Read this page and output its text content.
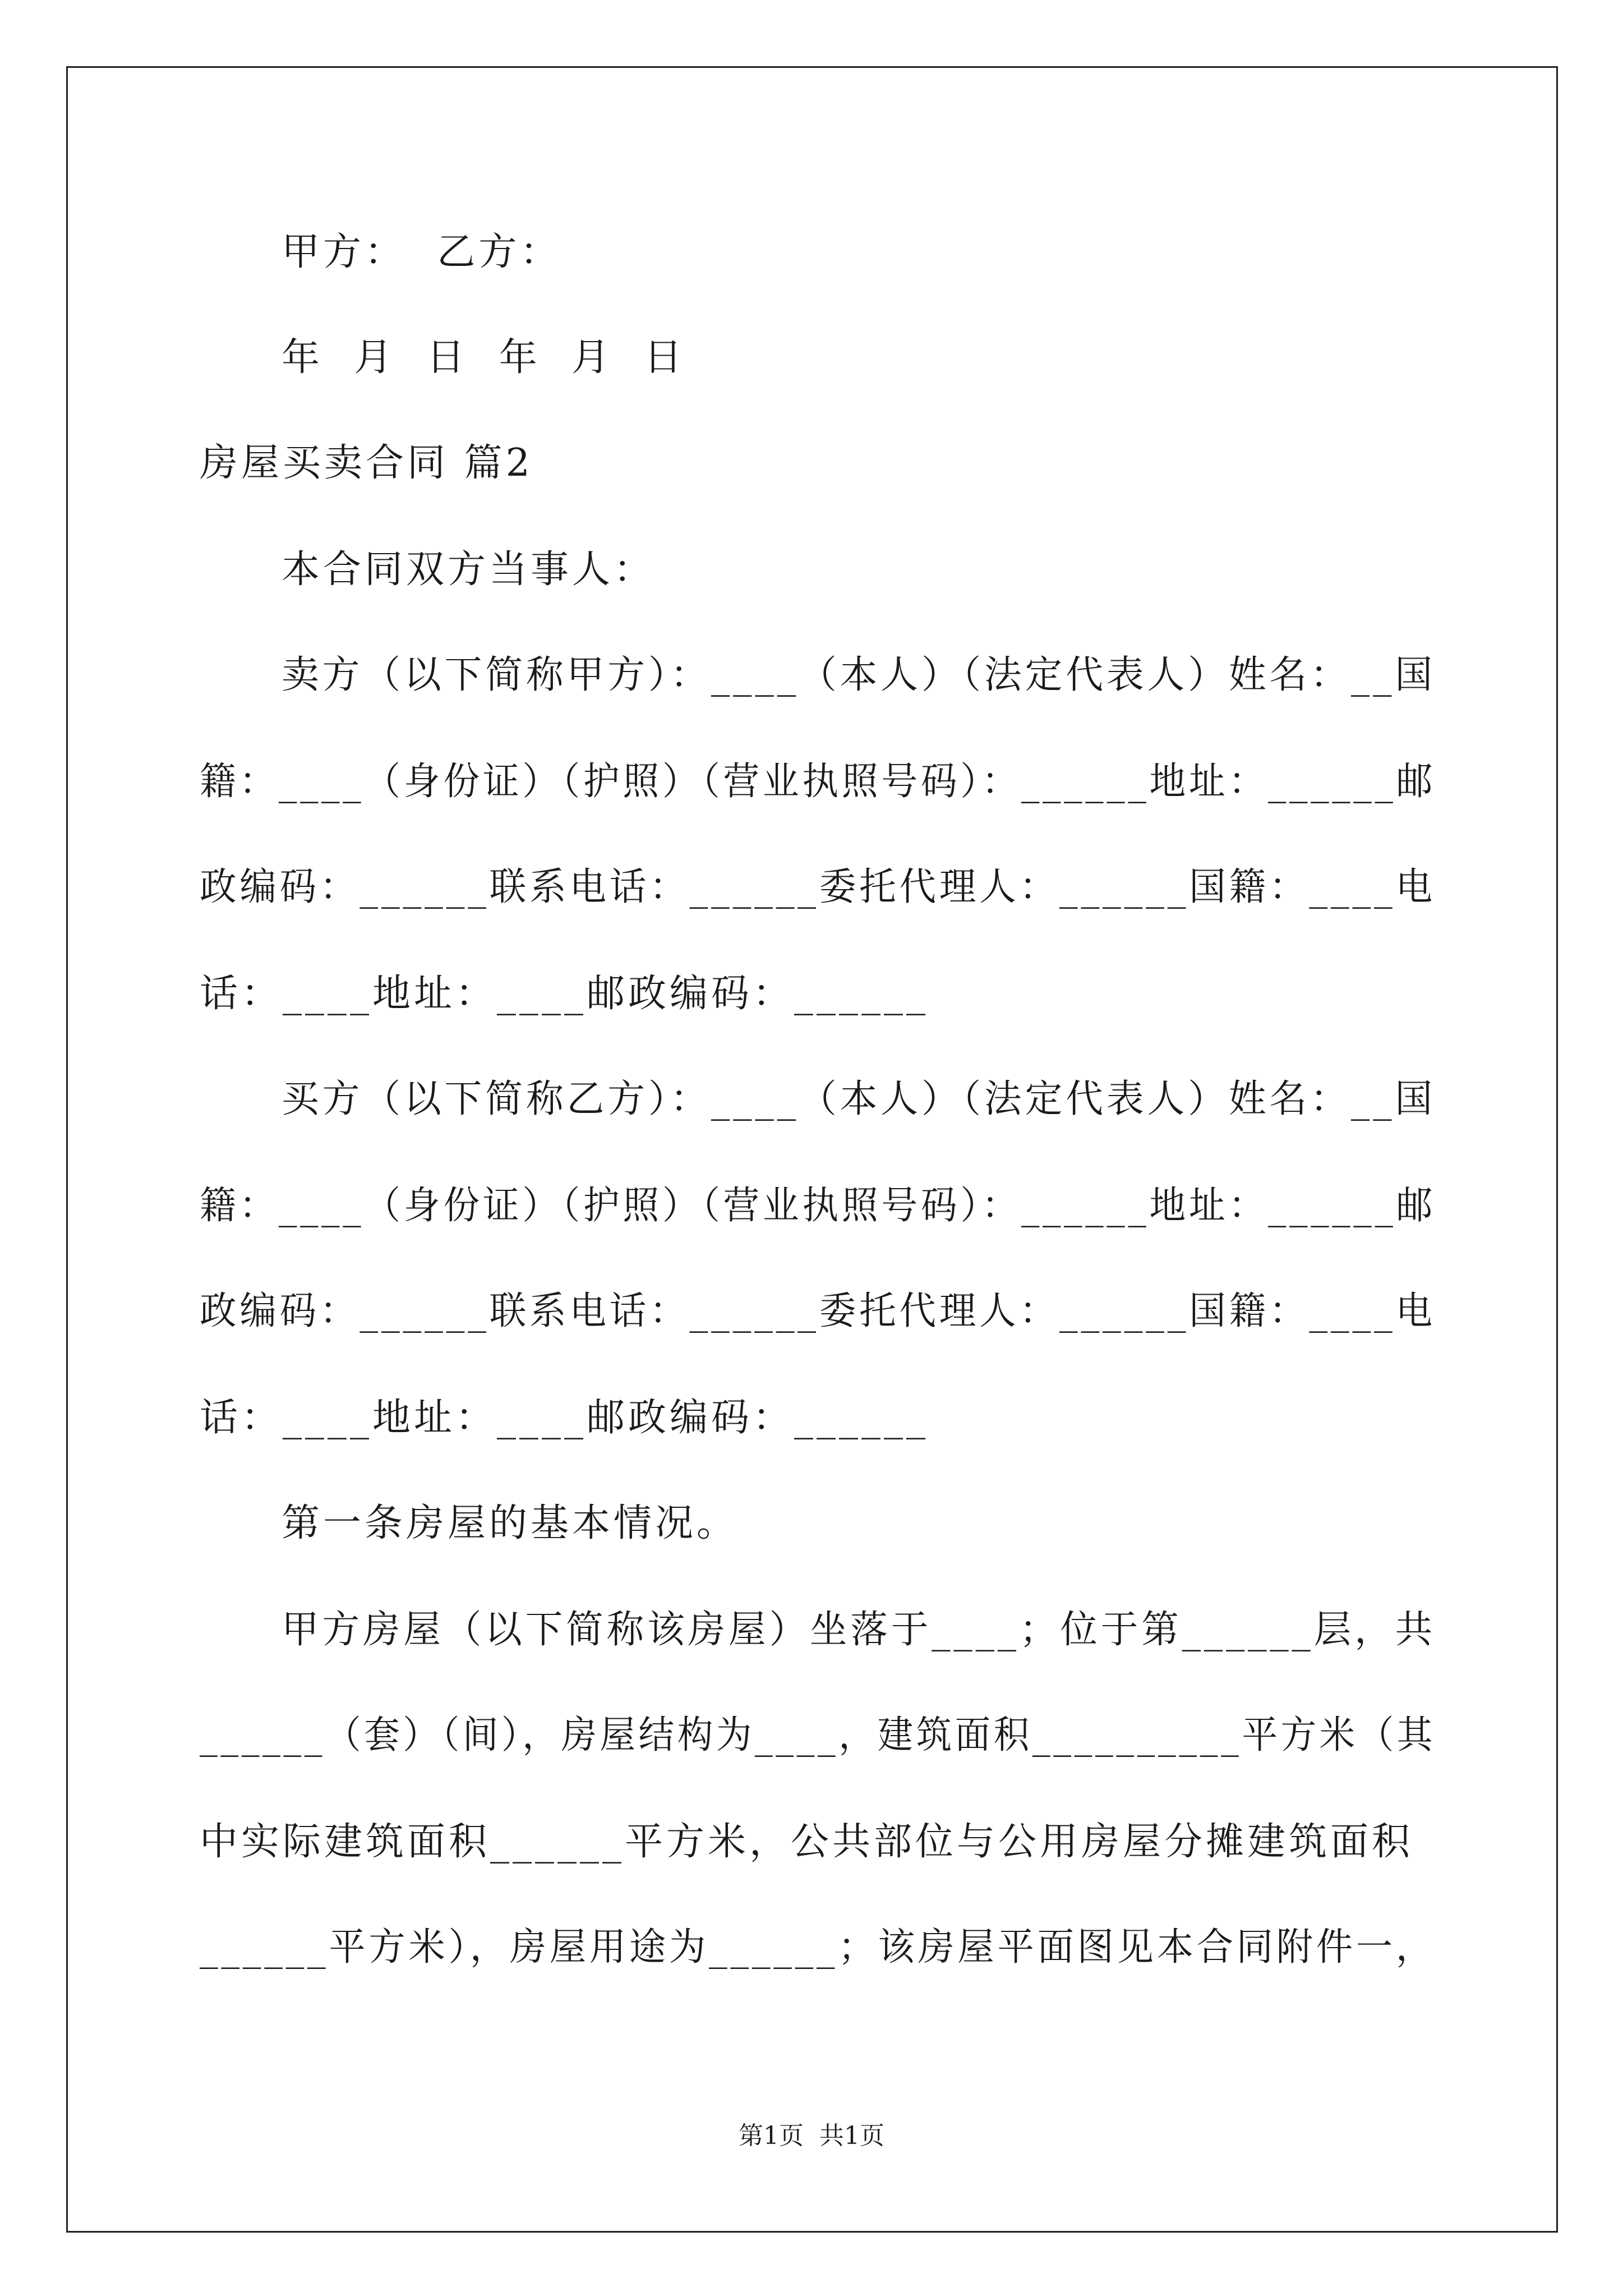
甲方：  乙方：
年  月  日  年  月  日
房屋买卖合同 篇2
本合同双方当事人：
卖方（以下简称甲方）：____（本人）（法定代表人）姓名：__国
籍：____（身份证）（护照）（营业执照号码）：______地址：______邮
政编码：______联系电话：______委托代理人：______国籍：____电
话：____地址：____邮政编码：______
买方（以下简称乙方）：____（本人）（法定代表人）姓名：__国
籍：____（身份证）（护照）（营业执照号码）：______地址：______邮
政编码：______联系电话：______委托代理人：______国籍：____电
话：____地址：____邮政编码：______
第一条房屋的基本情况。
甲方房屋（以下简称该房屋）坐落于____；位于第______层，共
______（套）（间），房屋结构为____，建筑面积__________平方米（其
中实际建筑面积______平方米，公共部位与公用房屋分摊建筑面积
______平方米），房屋用途为______；该房屋平面图见本合同附件一，
第1页  共1页
